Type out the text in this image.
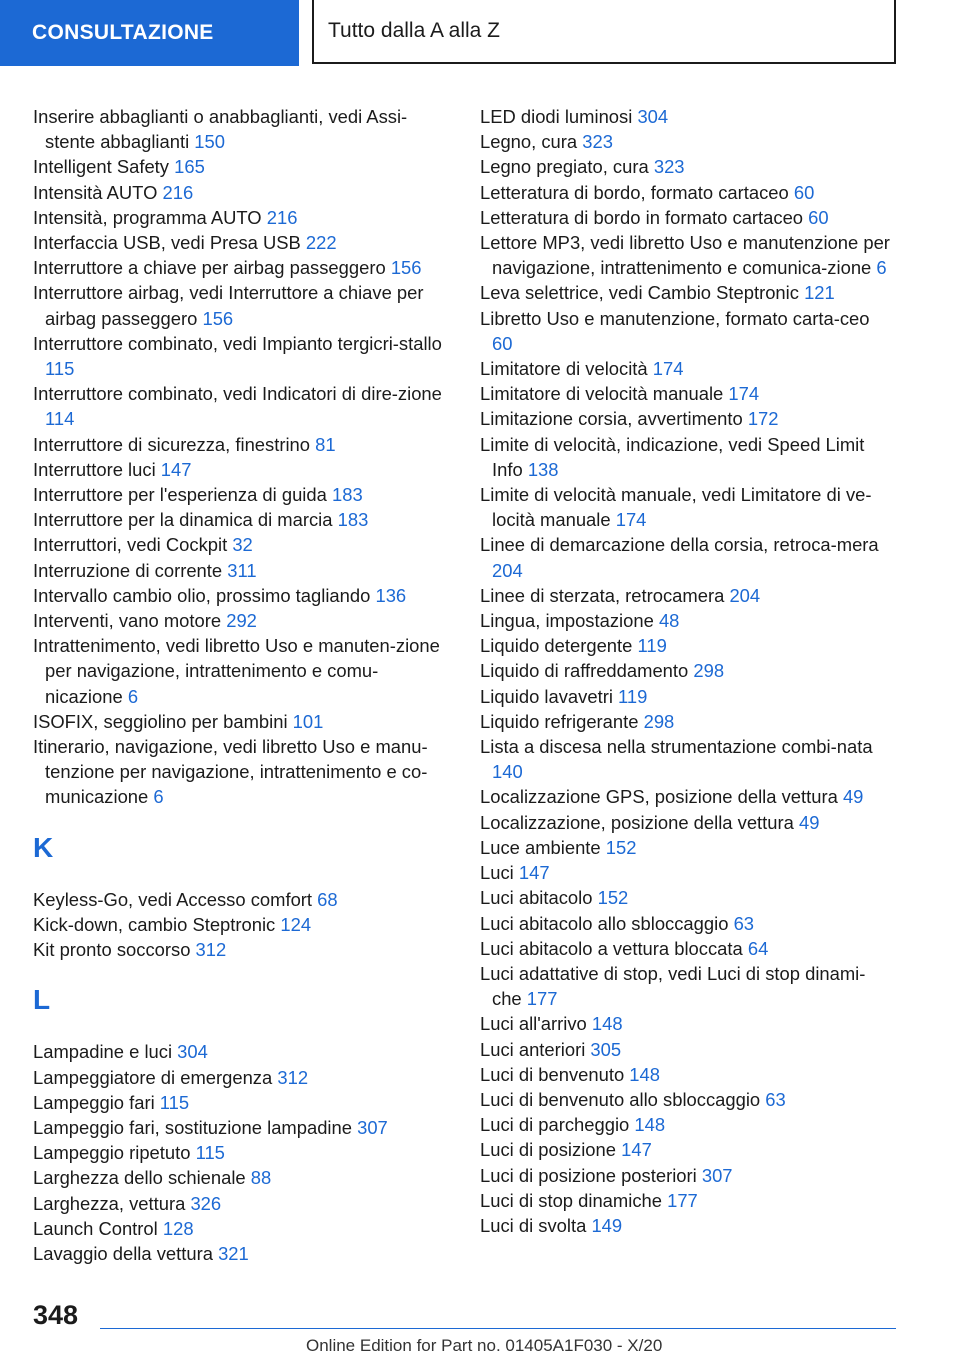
CONSULTAZIONE	Tutto dalla A alla Z
Inserire abbaglianti o anabbaglianti, vedi Assi-stente abbaglianti 150
Intelligent Safety 165
Intensità AUTO 216
Intensità, programma AUTO 216
Interfaccia USB, vedi Presa USB 222
Interruttore a chiave per airbag passeggero 156
Interruttore airbag, vedi Interruttore a chiave per airbag passeggero 156
Interruttore combinato, vedi Impianto tergicri-stallo 115
Interruttore combinato, vedi Indicatori di dire-zione 114
Interruttore di sicurezza, finestrino 81
Interruttore luci 147
Interruttore per l'esperienza di guida 183
Interruttore per la dinamica di marcia 183
Interruttori, vedi Cockpit 32
Interruzione di corrente 311
Intervallo cambio olio, prossimo tagliando 136
Interventi, vano motore 292
Intrattenimento, vedi libretto Uso e manuten-zione per navigazione, intrattenimento e comu-nicazione 6
ISOFIX, seggiolino per bambini 101
Itinerario, navigazione, vedi libretto Uso e manu-tenzione per navigazione, intrattenimento e co-municazione 6
K
Keyless-Go, vedi Accesso comfort 68
Kick-down, cambio Steptronic 124
Kit pronto soccorso 312
L
Lampadine e luci 304
Lampeggiatore di emergenza 312
Lampeggio fari 115
Lampeggio fari, sostituzione lampadine 307
Lampeggio ripetuto 115
Larghezza dello schienale 88
Larghezza, vettura 326
Launch Control 128
Lavaggio della vettura 321
LED diodi luminosi 304
Legno, cura 323
Legno pregiato, cura 323
Letteratura di bordo, formato cartaceo 60
Letteratura di bordo in formato cartaceo 60
Lettore MP3, vedi libretto Uso e manutenzione per navigazione, intrattenimento e comunica-zione 6
Leva selettrice, vedi Cambio Steptronic 121
Libretto Uso e manutenzione, formato carta-ceo 60
Limitatore di velocità 174
Limitatore di velocità manuale 174
Limitazione corsia, avvertimento 172
Limite di velocità, indicazione, vedi Speed Limit Info 138
Limite di velocità manuale, vedi Limitatore di ve-locità manuale 174
Linee di demarcazione della corsia, retroca-mera 204
Linee di sterzata, retrocamera 204
Lingua, impostazione 48
Liquido detergente 119
Liquido di raffreddamento 298
Liquido lavavetri 119
Liquido refrigerante 298
Lista a discesa nella strumentazione combi-nata 140
Localizzazione GPS, posizione della vettura 49
Localizzazione, posizione della vettura 49
Luce ambiente 152
Luci 147
Luci abitacolo 152
Luci abitacolo allo sbloccaggio 63
Luci abitacolo a vettura bloccata 64
Luci adattative di stop, vedi Luci di stop dinami-che 177
Luci all'arrivo 148
Luci anteriori 305
Luci di benvenuto 148
Luci di benvenuto allo sbloccaggio 63
Luci di parcheggio 148
Luci di posizione 147
Luci di posizione posteriori 307
Luci di stop dinamiche 177
Luci di svolta 149
348
Online Edition for Part no. 01405A1F030 - X/20
